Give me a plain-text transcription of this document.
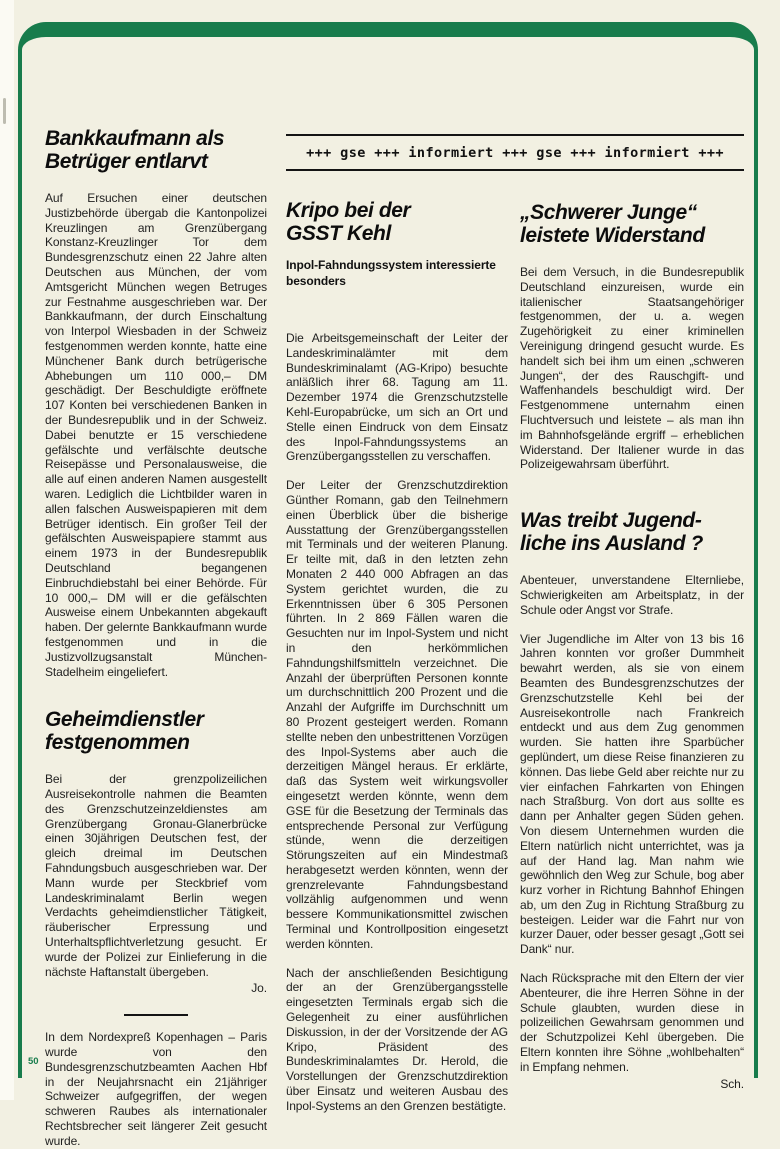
+++ gse +++ informiert +++ gse +++ informiert +++
Bankkaufmann als
Betrüger entlarvt

Auf Ersuchen einer deutschen Justizbehörde übergab die Kantonpolizei Kreuzlingen am Grenzübergang Konstanz-Kreuzlinger Tor dem Bundesgrenzschutz einen 22 Jahre alten Deutschen aus München, der vom Amtsgericht München wegen Betruges zur Festnahme ausgeschrieben war. Der Bankkaufmann, der durch Einschaltung von Interpol Wiesbaden in der Schweiz festgenommen werden konnte, hatte eine Münchener Bank durch betrügerische Abhebungen um 110 000,– DM geschädigt. Der Beschuldigte eröffnete 107 Konten bei verschiedenen Banken in der Bundesrepublik und in der Schweiz. Dabei benutzte er 15 verschiedene gefälschte und verfälschte deutsche Reisepässe und Personalausweise, die alle auf einen anderen Namen ausgestellt waren. Lediglich die Lichtbilder waren in allen falschen Ausweispapieren mit dem Betrüger identisch. Ein großer Teil der gefälschten Ausweispapiere stammt aus einem 1973 in der Bundesrepublik Deutschland begangenen Einbruchdiebstahl bei einer Behörde. Für 10 000,– DM will er die gefälschten Ausweise einem Unbekannten abgekauft haben. Der gelernte Bankkaufmann wurde festgenommen und in die Justizvollzugsanstalt München-Stadelheim eingeliefert.

Geheimdienstler
festgenommen

Bei der grenzpolizeilichen Ausreisekontrolle nahmen die Beamten des Grenzschutzeinzeldienstes am Grenzübergang Gronau-Glanerbrücke einen 30jährigen Deutschen fest, der gleich dreimal im Deutschen Fahndungsbuch ausgeschrieben war. Der Mann wurde per Steckbrief vom Landeskriminalamt Berlin wegen Verdachts geheimdienstlicher Tätigkeit, räuberischer Erpressung und Unterhaltspflichtverletzung gesucht. Er wurde der Polizei zur Einlieferung in die nächste Haftanstalt übergeben.

Jo.

In dem Nordexpreß Kopenhagen – Paris wurde von den Bundesgrenzschutzbeamten Aachen Hbf in der Neujahrsnacht ein 21jähriger Schweizer aufgegriffen, der wegen schweren Raubes als internationaler Rechtsbrecher seit längerer Zeit gesucht wurde.

Kripo bei der
GSST Kehl

Inpol-Fahndungssystem interessierte besonders

Die Arbeitsgemeinschaft der Leiter der Landeskriminalämter mit dem Bundeskriminalamt (AG-Kripo) besuchte anläßlich ihrer 68. Tagung am 11. Dezember 1974 die Grenzschutzstelle Kehl-Europabrücke, um sich an Ort und Stelle einen Eindruck von dem Einsatz des Inpol-Fahndungssystems an Grenzübergangsstellen zu verschaffen.

Der Leiter der Grenzschutzdirektion Günther Romann, gab den Teilnehmern einen Überblick über die bisherige Ausstattung der Grenzübergangsstellen mit Terminals und der weiteren Planung. Er teilte mit, daß in den letzten zehn Monaten 2 440 000 Abfragen an das System gerichtet wurden, die zu Erkenntnissen über 6 305 Personen führten. In 2 869 Fällen waren die Gesuchten nur im Inpol-System und nicht in den herkömmlichen Fahndungshilfsmitteln verzeichnet. Die Anzahl der überprüften Personen konnte um durchschnittlich 200 Prozent und die Anzahl der Aufgriffe im Durchschnitt um 80 Prozent gesteigert werden. Romann stellte neben den unbestrittenen Vorzügen des Inpol-Systems aber auch die derzeitigen Mängel heraus. Er erklärte, daß das System weit wirkungsvoller eingesetzt werden könnte, wenn dem GSE für die Besetzung der Terminals das entsprechende Personal zur Verfügung stünde, wenn die derzeitigen Störungszeiten auf ein Mindestmaß herabgesetzt werden könnten, wenn der grenzrelevante Fahndungsbestand vollzählig aufgenommen und wenn bessere Kommunikationsmittel zwischen Terminal und Kontrollposition eingesetzt werden könnten.

Nach der anschließenden Besichtigung der an der Grenzübergangsstelle eingesetzten Terminals ergab sich die Gelegenheit zu einer ausführlichen Diskussion, in der der Vorsitzende der AG Kripo, Präsident des Bundeskriminalamtes Dr. Herold, die Vorstellungen der Grenzschutzdirektion über Einsatz und weiteren Ausbau des Inpol-Systems an den Grenzen bestätigte.

„Schwerer Junge“
leistete Widerstand

Bei dem Versuch, in die Bundesrepublik Deutschland einzureisen, wurde ein italienischer Staatsangehöriger festgenommen, der u. a. wegen Zugehörigkeit zu einer kriminellen Vereinigung dringend gesucht wurde. Es handelt sich bei ihm um einen „schweren Jungen“, der des Rauschgift- und Waffenhandels beschuldigt wird. Der Festgenommene unternahm einen Fluchtversuch und leistete – als man ihn im Bahnhofsgelände ergriff – erheblichen Widerstand. Der Italiener wurde in das Polizeigewahrsam überführt.

Was treibt Jugend-
liche ins Ausland ?

Abenteuer, unverstandene Elternliebe, Schwierigkeiten am Arbeitsplatz, in der Schule oder Angst vor Strafe.

Vier Jugendliche im Alter von 13 bis 16 Jahren konnten vor großer Dummheit bewahrt werden, als sie von einem Beamten des Bundesgrenzschutzes der Grenzschutzstelle Kehl bei der Ausreisekontrolle nach Frankreich entdeckt und aus dem Zug genommen wurden. Sie hatten ihre Sparbücher geplündert, um diese Reise finanzieren zu können. Das liebe Geld aber reichte nur zu vier einfachen Fahrkarten von Ehingen nach Straßburg. Von dort aus sollte es dann per Anhalter gegen Süden gehen. Von diesem Unternehmen wurden die Eltern natürlich nicht unterrichtet, was ja auf der Hand lag. Man nahm wie gewöhnlich den Weg zur Schule, bog aber kurz vorher in Richtung Bahnhof Ehingen ab, um den Zug in Richtung Straßburg zu besteigen. Leider war die Fahrt nur von kurzer Dauer, oder besser gesagt „Gott sei Dank“ nur.

Nach Rücksprache mit den Eltern der vier Abenteurer, die ihre Herren Söhne in der Schule glaubten, wurden diese in polizeilichen Gewahrsam genommen und der Schutzpolizei Kehl übergeben. Die Eltern konnten ihre Söhne „wohlbehalten“ in Empfang nehmen.

Sch.
50
